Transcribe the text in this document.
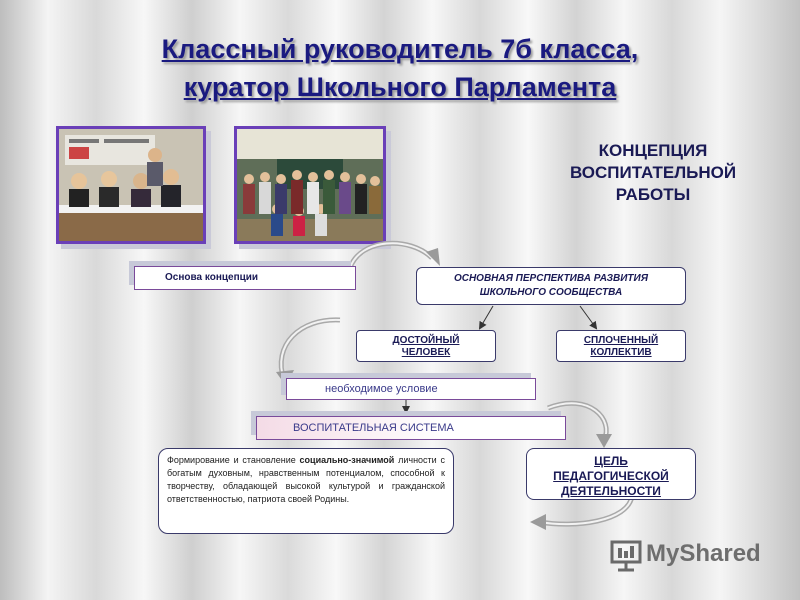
Классный руководитель 7б класса,
куратор Школьного Парламента
КОНЦЕПЦИЯ
ВОСПИТАТЕЛЬНОЙ
РАБОТЫ
Основа концепции	ОСНОВНАЯ ПЕРСПЕКТИВА РАЗВИТИЯ
ШКОЛЬНОГО СООБЩЕСТВА
ДОСТОЙНЫЙ
ЧЕЛОВЕК
СПЛОЧЕННЫЙ
КОЛЛЕКТИВ
необходимое условие
ВОСПИТАТЕЛЬНАЯ СИСТЕМА
Формирование и становление социально-значимой личности с богатым духовным, нравственным потенциалом, способной к творчеству, обладающей высокой культурой и гражданской ответственностью, патриота своей Родины.
ЦЕЛЬ
ПЕДАГОГИЧЕСКОЙ
ДЕЯТЕЛЬНОСТИ
MyShared
